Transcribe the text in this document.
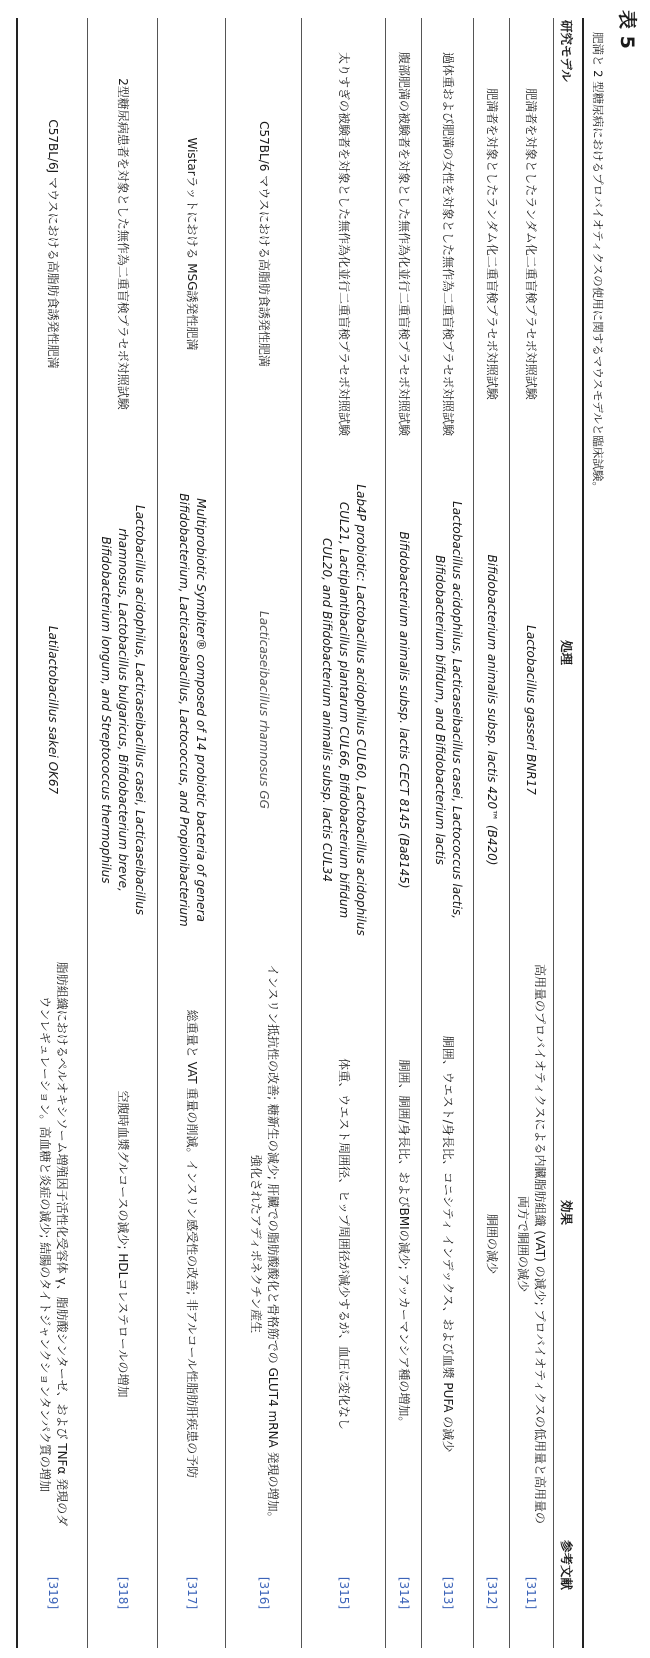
表 5
肥満と 2 型糖尿病におけるプロバイオティクスの使用に関するマウスモデルと臨床試験。
研究モデル
処理
効果
参考文献
肥満者を対象としたランダム化二重盲検プラセボ対照試験
Lactobacillus gasseri BNR17
高用量のプロバイオティクスによる内臓脂肪組織 (VAT) の減少; プロバイオティクスの低用量と高用量の両方で胴囲の減少
[311]
肥満者を対象としたランダム化二重盲検プラセボ対照試験
Bifidobacterium animalis subsp. lactis 420™ (B420)
胴囲の減少
[312]
過体重および肥満の女性を対象とした無作為二重盲検プラセボ対照試験
Lactobacillus acidophilus, Lacticaseibacillus casei, Lactococcus lactis, Bifidobacterium bifidum, and Bifidobacterium lactis
胴囲、ウエスト/身長比、コニシティ インデックス、および血漿 PUFA の減少
[313]
腹部肥満の被験者を対象とした無作為化並行二重盲検プラセボ対照試験
Bifidobacterium animalis subsp. lactis CECT 8145 (Ba8145)
胴囲、胴囲/身長比、およびBMIの減少; アッカーマンシア種の増加。
[314]
太りすぎの被験者を対象とした無作為化並行二重盲検プラセボ対照試験
Lab4P probiotic: Lactobacillus acidophilus CUL60, Lactobacillus acidophilus CUL21, Lactiplantibacillus plantarum CUL66, Bifidobacterium bifidum CUL20, and Bifidobacterium animalis subsp. lactis CUL34
体重、ウエスト周囲径、ヒップ周囲径が減少するが、血圧に変化なし
[315]
C57BL/6 マウスにおける高脂肪食誘発性肥満
Lacticaseibacillus rhamnosus GG
インスリン抵抗性の改善; 糖新生の減少; 肝臓での脂肪酸酸化と骨格筋での GLUT4 mRNA 発現の増加。強化されたアディポネクチン産生
[316]
Wistarラットにおける MSG誘発性肥満
Multiprobiotic Symbiter® composed of 14 probiotic bacteria of genera Bifidobacterium, Lacticaseibacillus, Lactococcus, and Propionibacterium
総重量と VAT 重量の削減。インスリン感受性の改善; 非アルコール性脂肪肝疾患の予防
[317]
2型糖尿病患者を対象とした無作為二重盲検プラセボ対照試験
Lactobacillus acidophilus, Lacticaseibacillus casei, Lacticaseibacillus rhamnosus, Lactobacillus bulgaricus, Bifidobacterium breve, Bifidobacterium longum, and Streptococcus thermophilus
空腹時血漿グルコースの減少; HDLコレステロールの増加
[318]
C57BL/6J マウスにおける高脂肪食誘発性肥満
Latilactobacillus sakei OK67
脂肪組織におけるペルオキシソーム増殖因子活性化受容体 γ、脂肪酸シンターゼ、および TNFα 発現のダウンレギュレーション。高血糖と炎症の減少; 結腸のタイトジャンクションタンパク質の増加
[319]
